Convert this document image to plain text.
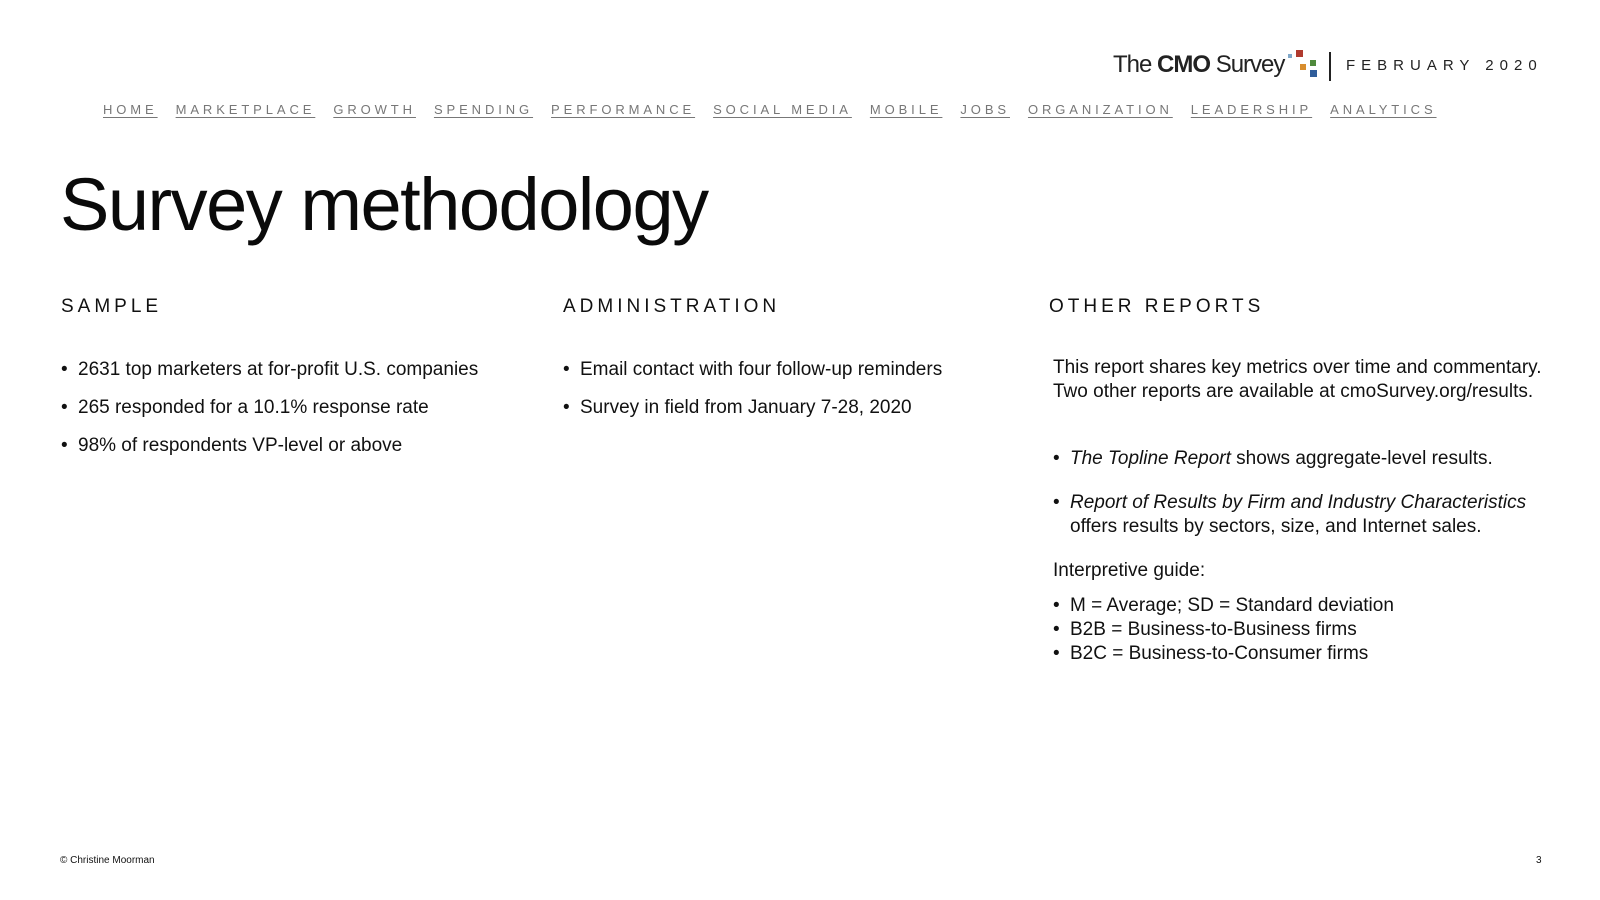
The CMO Survey	FEBRUARY 2020
HOME MARKETPLACE GROWTH SPENDING PERFORMANCE SOCIAL MEDIA MOBILE JOBS ORGANIZATION LEADERSHIP ANALYTICS
Survey methodology
SAMPLE
• 2631 top marketers at for-profit U.S. companies
• 265 responded for a 10.1% response rate
• 98% of respondents VP-level or above
ADMINISTRATION
• Email contact with four follow-up reminders
• Survey in field from January 7-28, 2020
OTHER REPORTS

This report shares key metrics over time and commentary. Two other reports are available at cmoSurvey.org/results.

• The Topline Report shows aggregate-level results.
• Report of Results by Firm and Industry Characteristics offers results by sectors, size, and Internet sales.

Interpretive guide:

• M = Average; SD = Standard deviation
• B2B = Business-to-Business firms
• B2C = Business-to-Consumer firms
© Christine Moorman	3
